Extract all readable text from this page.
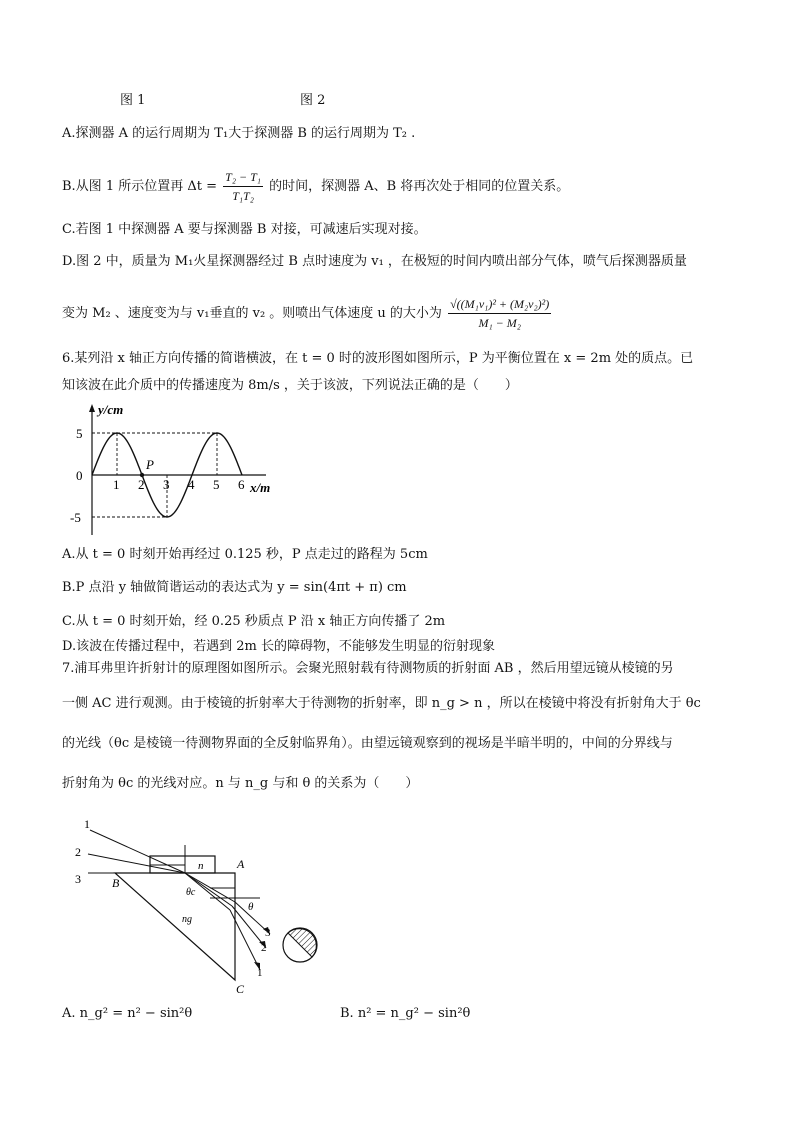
图 1	图 2
A.探测器 A 的运行周期为 T₁大于探测器 B 的运行周期为 T₂ .
B.从图 1 所示位置再 $\Delta t = \frac{\text{T₂ − T₁}}{\text{T₁T₂}}$ 的时间，探测器 A、B 将再次处于相同的位置关系。
C.若图 1 中探测器 A 要与探测器 B 对接，可减速后实现对接。
D.图 2 中，质量为 M₁火星探测器经过 B 点时速度为 v₁ ，在极短的时间内喷出部分气体，喷气后探测器质量
变为 M₂ 、速度变为与 v₁垂直的 v₂ 。则喷出气体速度 u 的大小为 $\frac{\text{√((M₁v₁)² + (M₂v₂)²)}}{\text{M₁ − M₂}}$
6.某列沿 x 轴正方向传播的简谐横波，在 t = 0 时的波形图如图所示，P 为平衡位置在 x = 2m 处的质点。已
知该波在此介质中的传播速度为 8m/s ，关于该波，下列说法正确的是（　　）
1 2 3 4 5 6
5
0
-5
y/cm
x/m
P
A.从 t = 0 时刻开始再经过 0.125 秒，P 点走过的路程为 5cm
B.P 点沿 y 轴做简谐运动的表达式为 y = sin(4πt + π) cm
C.从 t = 0 时刻开始，经 0.25 秒质点 P 沿 x 轴正方向传播了 2m
D.该波在传播过程中，若遇到 2m 长的障碍物，不能够发生明显的衍射现象
7.浦耳弗里许折射计的原理图如图所示。会聚光照射载有待测物质的折射面 AB ，然后用望远镜从棱镜的另
一侧 AC 进行观测。由于棱镜的折射率大于待测物的折射率，即 n_g > n ，所以在棱镜中将没有折射角大于 θc
的光线（θc 是棱镜一待测物界面的全反射临界角）。由望远镜观察到的视场是半暗半明的，中间的分界线与
折射角为 θc 的光线对应。n 与 n_g 与和 θ 的关系为（　　）
1
2
3	B
A
C
n
ng
θc
θ
3
2
1
A. n_g² = n² − sin²θ	B. n² = n_g² − sin²θ
